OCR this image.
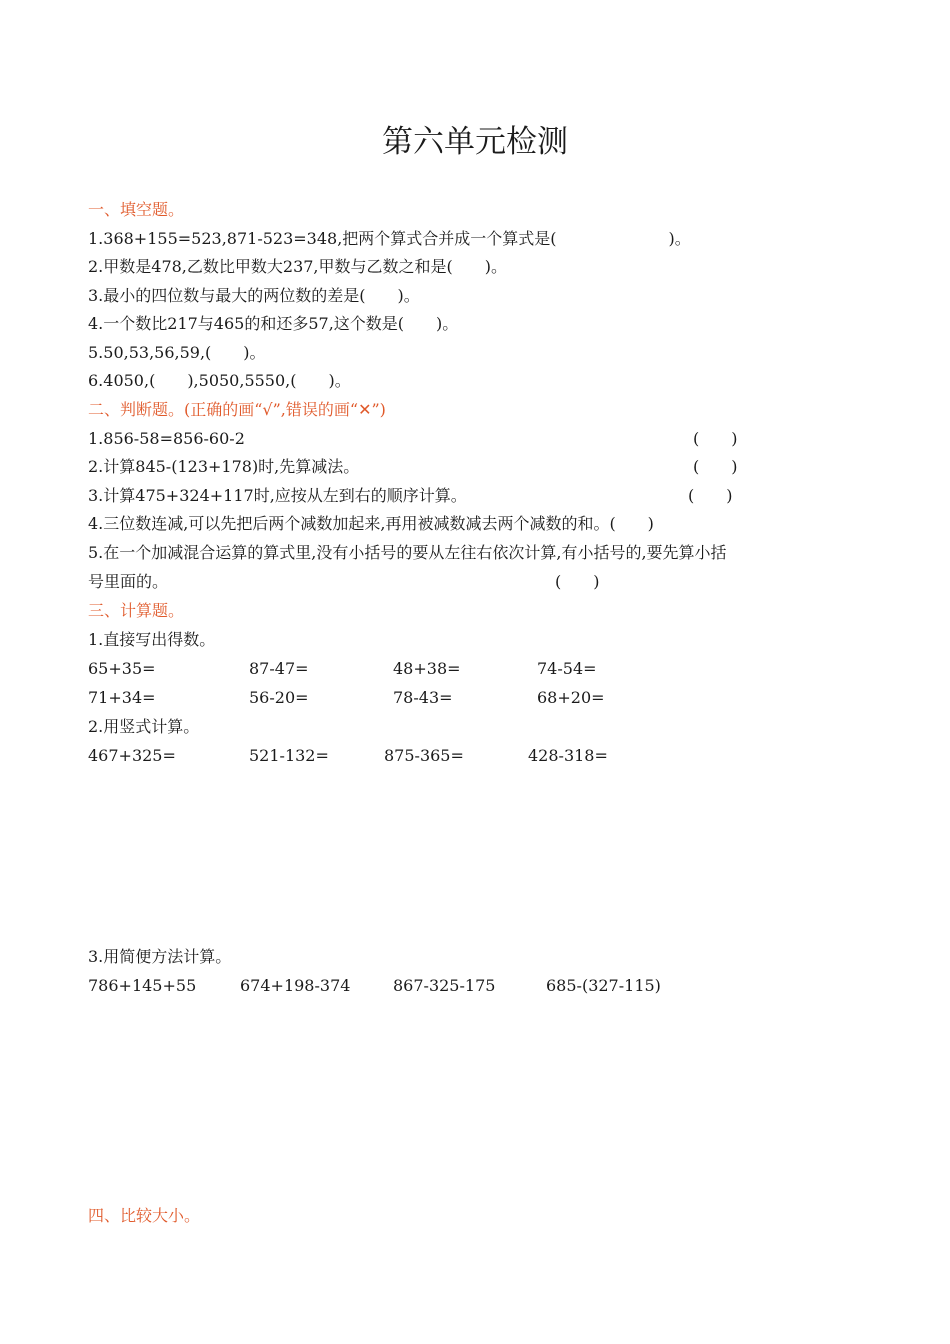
第六单元检测
一、填空题。
1.368+155=523,871-523=348,把两个算式合并成一个算式是(　　　　　　　)。
2.甲数是478,乙数比甲数大237,甲数与乙数之和是(　　)。
3.最小的四位数与最大的两位数的差是(　　)。
4.一个数比217与465的和还多57,这个数是(　　)。
5.50,53,56,59,(　　)。
6.4050,(　　),5050,5550,(　　)。
二、判断题。(正确的画“√”,错误的画“✕”)
1.856-58=856-60-2	(　　)
2.计算845-(123+178)时,先算减法。	(　　)
3.计算475+324+117时,应按从左到右的顺序计算。	(　　)
4.三位数连减,可以先把后两个减数加起来,再用被减数减去两个减数的和。(　　)
5.在一个加减混合运算的算式里,没有小括号的要从左往右依次计算,有小括号的,要先算小括
号里面的。	(　　)
三、计算题。
1.直接写出得数。
65+35=	87-47=	48+38=	74-54=
71+34=	56-20=	78-43=	68+20=
2.用竖式计算。
467+325=	521-132=	875-365=	428-318=
3.用简便方法计算。
786+145+55	674+198-374	867-325-175	685-(327-115)
四、比较大小。
